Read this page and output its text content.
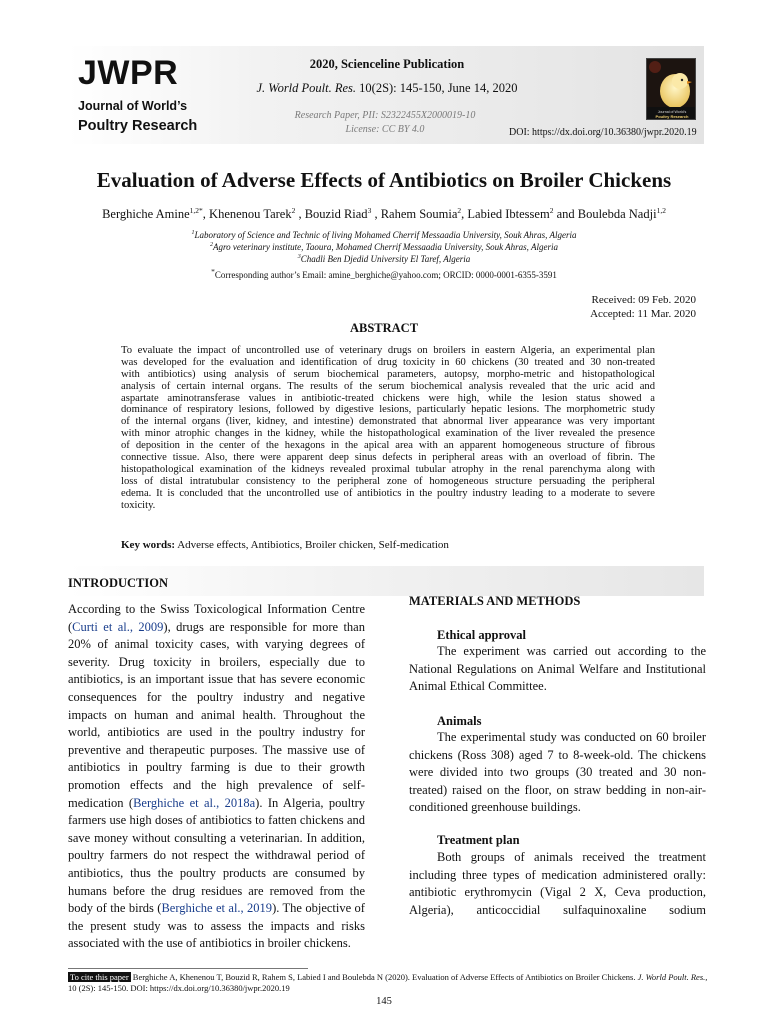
JWPR
Journal of World’s
Poultry Research
2020, Scienceline Publication
J. World Poult. Res. 10(2S): 145-150, June 14, 2020
Research Paper, PII: S2322455X2000019-10
License: CC BY 4.0	DOI: https://dx.doi.org/10.36380/jwpr.2020.19
Journal of World's
Poultry Research
Evaluation of Adverse Effects of Antibiotics on Broiler Chickens
Berghiche Amine$^{1,2*}$, Khenenou Tarek$^2$ , Bouzid Riad$^3$ , Rahem Soumia$^2$, Labied Ibtessem$^2$ and Boulebda Nadji$^{1,2}$
$^1$Laboratory of Science and Technic of living Mohamed Cherrif Messaadia University, Souk Ahras, Algeria
$^2$Agro veterinary institute, Taoura, Mohamed Cherrif Messaadia University, Souk Ahras, Algeria
$^3$Chadli Ben Djedid University El Taref, Algeria
*Corresponding author’s Email: amine_berghiche@yahoo.com; ORCID: 0000-0001-6355-3591
Received: 09 Feb. 2020
Accepted: 11 Mar. 2020
ABSTRACT
To evaluate the impact of uncontrolled use of veterinary drugs on broilers in eastern Algeria, an experimental plan
was developed for the evaluation and identification of drug toxicity in 60 chickens (30 treated and 30 non-treated
with antibiotics) using analysis of serum biochemical parameters, autopsy, morpho-metric and histopathological
analysis of certain internal organs. The results of the serum biochemical analysis revealed that the uric acid and
aspartate aminotransferase values in antibiotic-treated chickens were high, while the lesion status showed a
dominance of respiratory lesions, followed by digestive lesions, particularly hepatic lesions. The morphometric study
of the internal organs (liver, kidney, and intestine) demonstrated that abnormal liver appearance was very important
with minor atrophic changes in the kidney, while the histopathological examination of the liver revealed the presence
of deposition in the center of the hexagons in the apical area with an apparent homogeneous structure of fibrous
connective tissue. Also, there were apparent deep sinus defects in peripheral areas with an overload of fibrin. The
histopathological examination of the kidneys revealed proximal tubular atrophy in the renal parenchyma along with
loss of distal intratubular consistency to the peripheral zone of homogeneous structure persuading the peripheral
edema. It is concluded that the uncontrolled use of antibiotics in the poultry industry leading to a moderate to severe
toxicity.
Key words: Adverse effects, Antibiotics, Broiler chicken, Self-medication
INTRODUCTION
According to the Swiss Toxicological Information Centre
(Curti et al., 2009), drugs are responsible for more than
20% of animal toxicity cases, with varying degrees of
severity. Drug toxicity in broilers, especially due to
antibiotics, is an important issue that has severe economic
consequences for the poultry industry and negative
impacts on human and animal health. Throughout the
world, antibiotics are used in the poultry industry for
preventive and therapeutic purposes. The massive use of
antibiotics in poultry farming is due to their growth
promotion effects and the high prevalence of self-
medication (Berghiche et al., 2018a). In Algeria, poultry
farmers use high doses of antibiotics to fatten chickens and
save money without consulting a veterinarian. In addition,
poultry farmers do not respect the withdrawal period of
antibiotics, thus the poultry products are consumed by
humans before the drug residues are removed from the
body of the birds (Berghiche et al., 2019). The objective of
the present study was to assess the impacts and risks
associated with the use of antibiotics in broiler chickens.
MATERIALS AND METHODS
Ethical approval
The experiment was carried out according to the
National Regulations on Animal Welfare and Institutional
Animal Ethical Committee.
Animals
The experimental study was conducted on 60 broiler
chickens (Ross 308) aged 7 to 8-week-old. The chickens
were divided into two groups (30 treated and 30 non-
treated) raised on the floor, on straw bedding in non-air-
conditioned greenhouse buildings.
Treatment plan
Both groups of animals received the treatment
including three types of medication administered orally:
antibiotic erythromycin (Vigal 2 X, Ceva production,
Algeria), anticoccidial sulfaquinoxaline sodium
To cite this paper Berghiche A, Khenenou T, Bouzid R, Rahem S, Labied I and Boulebda N (2020). Evaluation of Adverse Effects of Antibiotics on Broiler Chickens. J. World Poult. Res., 10 (2S): 145-150. DOI: https://dx.doi.org/10.36380/jwpr.2020.19
145
